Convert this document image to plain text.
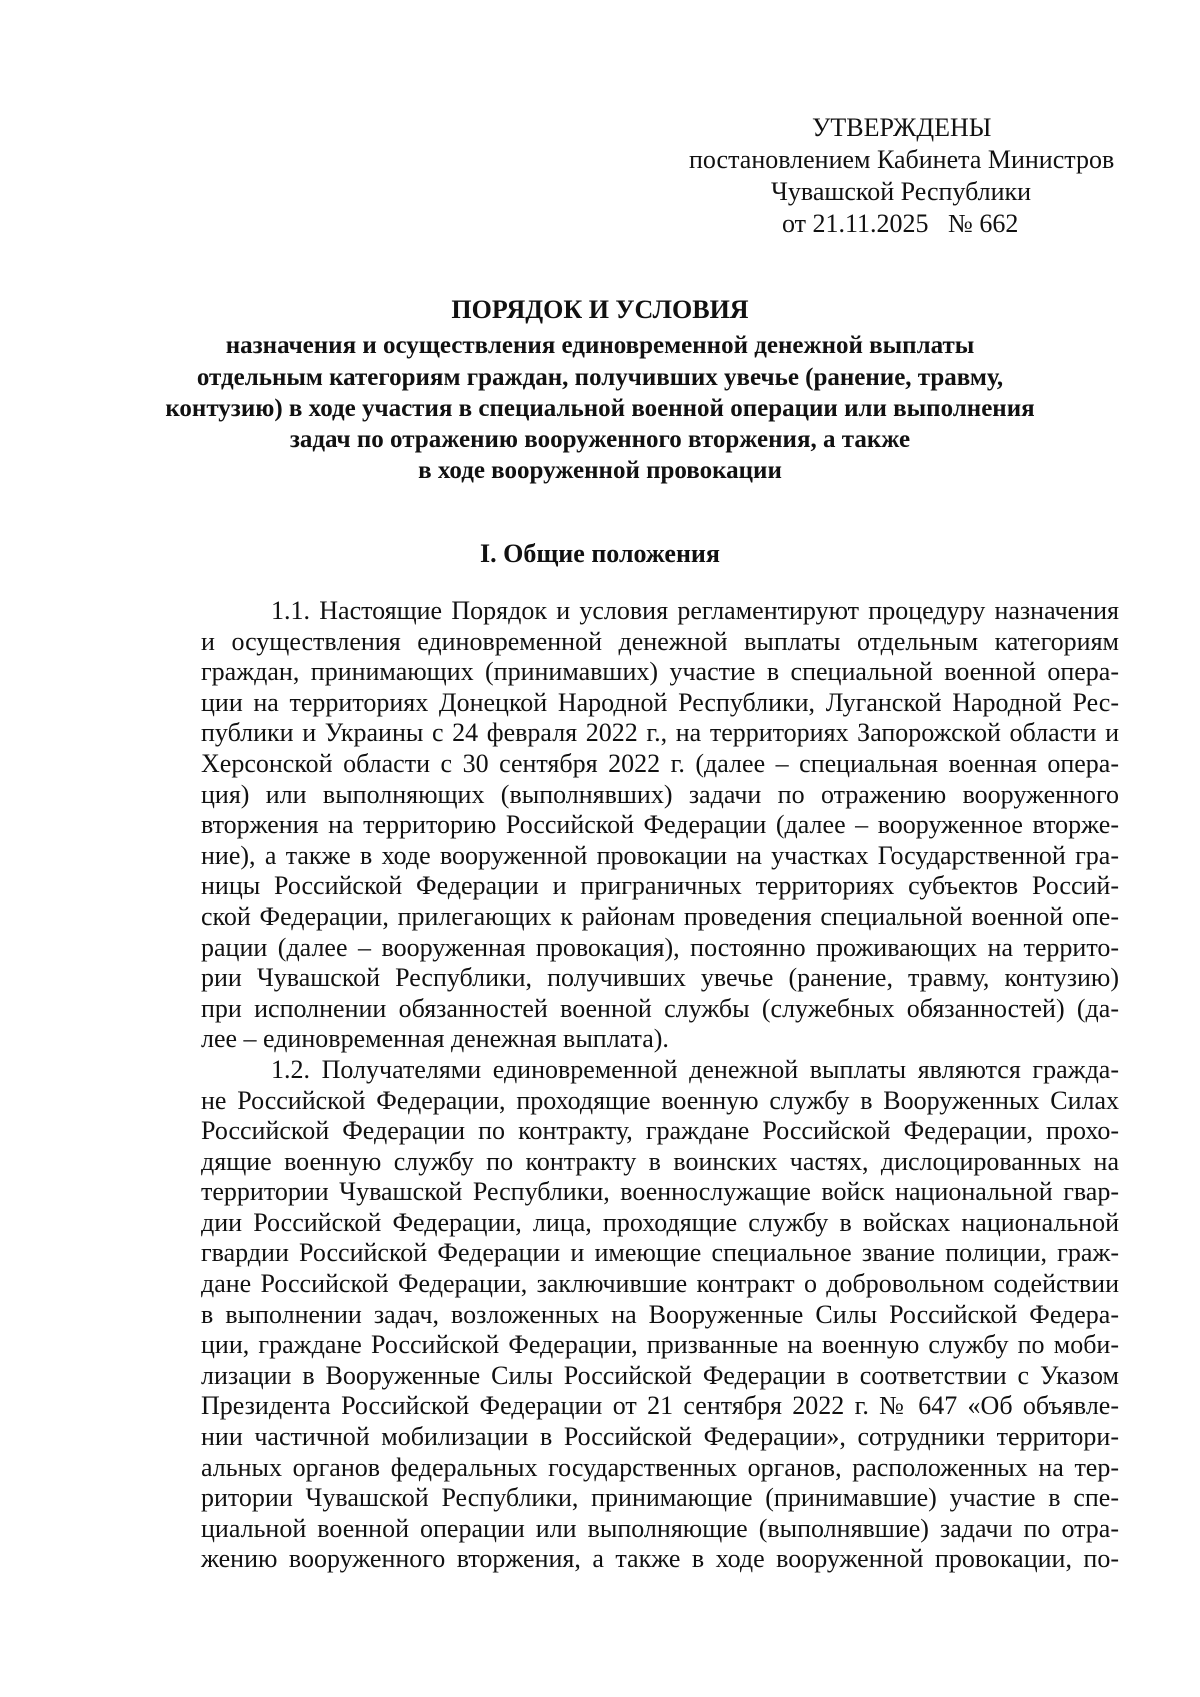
УТВЕРЖДЕНЫ
постановлением Кабинета Министров
Чувашской Республики
от 21.11.2025   № 662
ПОРЯДОК И УСЛОВИЯ
назначения и осуществления единовременной денежной выплаты
отдельным категориям граждан, получивших увечье (ранение, травму,
контузию) в ходе участия в специальной военной операции или выполнения
задач по отражению вооруженного вторжения, а также
в ходе вооруженной провокации
I. Общие положения
1.1. Настоящие Порядок и условия регламентируют процедуру назначения
и осуществления единовременной денежной выплаты отдельным категориям
граждан, принимающих (принимавших) участие в специальной военной опера-
ции на территориях Донецкой Народной Республики, Луганской Народной Рес-
публики и Украины с 24 февраля 2022 г., на территориях Запорожской области и
Херсонской области с 30 сентября 2022 г. (далее – специальная военная опера-
ция) или выполняющих (выполнявших) задачи по отражению вооруженного
вторжения на территорию Российской Федерации (далее – вооруженное вторже-
ние), а также в ходе вооруженной провокации на участках Государственной гра-
ницы Российской Федерации и приграничных территориях субъектов Россий-
ской Федерации, прилегающих к районам проведения специальной военной опе-
рации (далее – вооруженная провокация), постоянно проживающих на террито-
рии Чувашской Республики, получивших увечье (ранение, травму, контузию)
при исполнении обязанностей военной службы (служебных обязанностей) (да-
лее – единовременная денежная выплата).
1.2. Получателями единовременной денежной выплаты являются гражда-
не Российской Федерации, проходящие военную службу в Вооруженных Силах
Российской Федерации по контракту, граждане Российской Федерации, прохо-
дящие военную службу по контракту в воинских частях, дислоцированных на
территории Чувашской Республики, военнослужащие войск национальной гвар-
дии Российской Федерации, лица, проходящие службу в войсках национальной
гвардии Российской Федерации и имеющие специальное звание полиции, граж-
дане Российской Федерации, заключившие контракт о добровольном содействии
в выполнении задач, возложенных на Вооруженные Силы Российской Федера-
ции, граждане Российской Федерации, призванные на военную службу по моби-
лизации в Вооруженные Силы Российской Федерации в соответствии с Указом
Президента Российской Федерации от 21 сентября 2022 г. № 647 «Об объявле-
нии частичной мобилизации в Российской Федерации», сотрудники территори-
альных органов федеральных государственных органов, расположенных на тер-
ритории Чувашской Республики, принимающие (принимавшие) участие в спе-
циальной военной операции или выполняющие (выполнявшие) задачи по отра-
жению вооруженного вторжения, а также в ходе вооруженной провокации, по-
